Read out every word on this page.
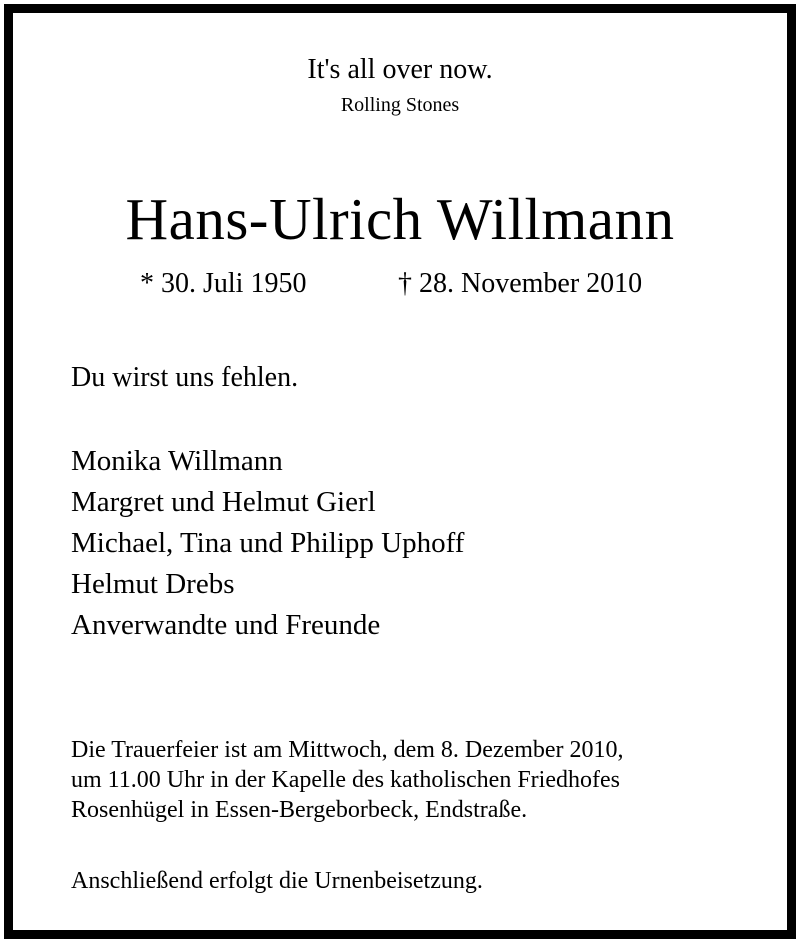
It's all over now.
Rolling Stones
Hans-Ulrich Willmann
* 30. Juli 1950	† 28. November 2010
Du wirst uns fehlen.
Monika Willmann
Margret und Helmut Gierl
Michael, Tina und Philipp Uphoff
Helmut Drebs
Anverwandte und Freunde
Die Trauerfeier ist am Mittwoch, dem 8. Dezember 2010,
um 11.00 Uhr in der Kapelle des katholischen Friedhofes
Rosenhügel in Essen-Bergeborbeck, Endstraße.
Anschließend erfolgt die Urnenbeisetzung.
